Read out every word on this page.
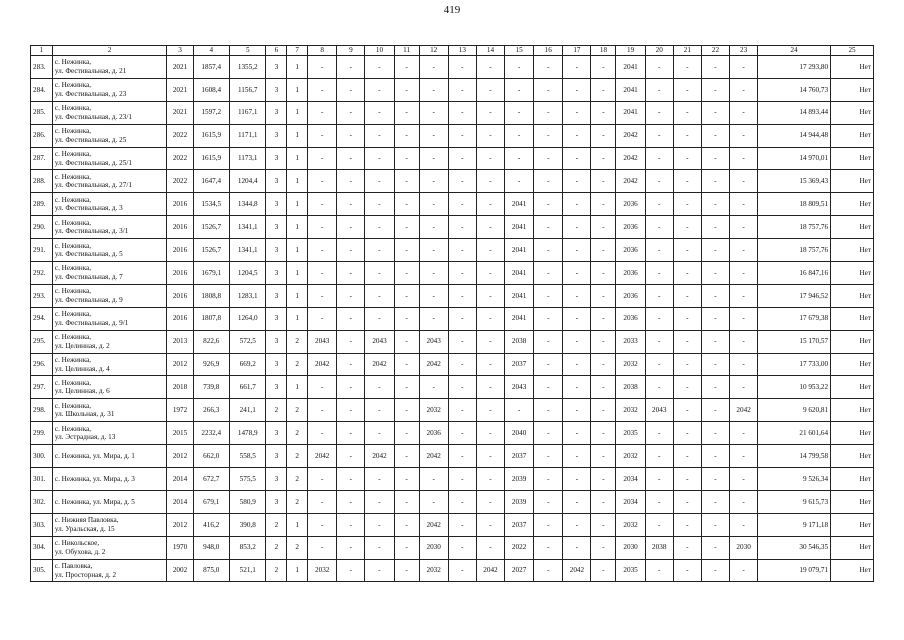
419
1	2	3	4	5	6	7	8	9	10	11	12	13	14	15	16	17	18	19	20	21	22	23	24	25
283.	с. Нежинка,
ул. Фестивальная, д. 21	2021	1857,4	1355,2	3	1	-	-	-	-	-	-	-	-	-	-	-	2041	-	-	-	-	17 293,80	Нет
284.	с. Нежинка,
ул. Фестивальная, д. 23	2021	1608,4	1156,7	3	1	-	-	-	-	-	-	-	-	-	-	-	2041	-	-	-	-	14 760,73	Нет
285.	с. Нежинка,
ул. Фестивальная, д. 23/1	2021	1597,2	1167,1	3	1	-	-	-	-	-	-	-	-	-	-	-	2041	-	-	-	-	14 893,44	Нет
286.	с. Нежинка,
ул. Фестивальная, д. 25	2022	1615,9	1171,1	3	1	-	-	-	-	-	-	-	-	-	-	-	2042	-	-	-	-	14 944,48	Нет
287.	с. Нежинка,
ул. Фестивальная, д. 25/1	2022	1615,9	1173,1	3	1	-	-	-	-	-	-	-	-	-	-	-	2042	-	-	-	-	14 970,01	Нет
288.	с. Нежинка,
ул. Фестивальная, д. 27/1	2022	1647,4	1204,4	3	1	-	-	-	-	-	-	-	-	-	-	-	2042	-	-	-	-	15 369,43	Нет
289.	с. Нежинка,
ул. Фестивальная, д. 3	2016	1534,5	1344,8	3	1	-	-	-	-	-	-	-	2041	-	-	-	2036	-	-	-	-	18 809,51	Нет
290.	с. Нежинка,
ул. Фестивальная, д. 3/1	2016	1526,7	1341,1	3	1	-	-	-	-	-	-	-	2041	-	-	-	2036	-	-	-	-	18 757,76	Нет
291.	с. Нежинка,
ул. Фестивальная, д. 5	2016	1526,7	1341,1	3	1	-	-	-	-	-	-	-	2041	-	-	-	2036	-	-	-	-	18 757,76	Нет
292.	с. Нежинка,
ул. Фестивальная, д. 7	2016	1679,1	1204,5	3	1	-	-	-	-	-	-	-	2041	-	-	-	2036	-	-	-	-	16 847,16	Нет
293.	с. Нежинка,
ул. Фестивальная, д. 9	2016	1808,8	1283,1	3	1	-	-	-	-	-	-	-	2041	-	-	-	2036	-	-	-	-	17 946,52	Нет
294.	с. Нежинка,
ул. Фестивальная, д. 9/1	2016	1807,8	1264,0	3	1	-	-	-	-	-	-	-	2041	-	-	-	2036	-	-	-	-	17 679,38	Нет
295.	с. Нежинка,
ул. Целинная, д. 2	2013	822,6	572,5	3	2	2043	-	2043	-	2043	-	-	2038	-	-	-	2033	-	-	-	-	15 170,57	Нет
296.	с. Нежинка,
ул. Целинная, д. 4	2012	926,9	669,2	3	2	2042	-	2042	-	2042	-	-	2037	-	-	-	2032	-	-	-	-	17 733,00	Нет
297.	с. Нежинка,
ул. Целинная, д. 6	2018	739,8	661,7	3	1	-	-	-	-	-	-	-	2043	-	-	-	2038	-	-	-	-	10 953,22	Нет
298.	с. Нежинка,
ул. Школьная, д. 31	1972	266,3	241,1	2	2	-	-	-	-	2032	-	-	-	-	-	-	2032	2043	-	-	2042	9 620,81	Нет
299.	с. Нежинка,
ул. Эстрадная, д. 13	2015	2232,4	1478,9	3	2	-	-	-	-	2036	-	-	2040	-	-	-	2035	-	-	-	-	21 601,64	Нет
300.	с. Нежинка, ул. Мира, д. 1	2012	662,0	558,5	3	2	2042	-	2042	-	2042	-	-	2037	-	-	-	2032	-	-	-	-	14 799,58	Нет
301.	с. Нежинка, ул. Мира, д. 3	2014	672,7	575,5	3	2	-	-	-	-	-	-	-	2039	-	-	-	2034	-	-	-	-	9 526,34	Нет
302.	с. Нежинка, ул. Мира, д. 5	2014	679,1	580,9	3	2	-	-	-	-	-	-	-	2039	-	-	-	2034	-	-	-	-	9 615,73	Нет
303.	с. Нижняя Павловка,
ул. Уральская, д. 15	2012	416,2	390,8	2	1	-	-	-	-	2042	-	-	2037	-	-	-	2032	-	-	-	-	9 171,18	Нет
304.	с. Никольское,
ул. Обухова, д. 2	1970	948,0	853,2	2	2	-	-	-	-	2030	-	-	2022	-	-	-	2030	2038	-	-	2030	30 546,35	Нет
305.	с. Павловка,
ул. Просторная, д. 2	2002	875,0	521,1	2	1	2032	-	-	-	2032	-	2042	2027	-	2042	-	2035	-	-	-	-	19 079,71	Нет
